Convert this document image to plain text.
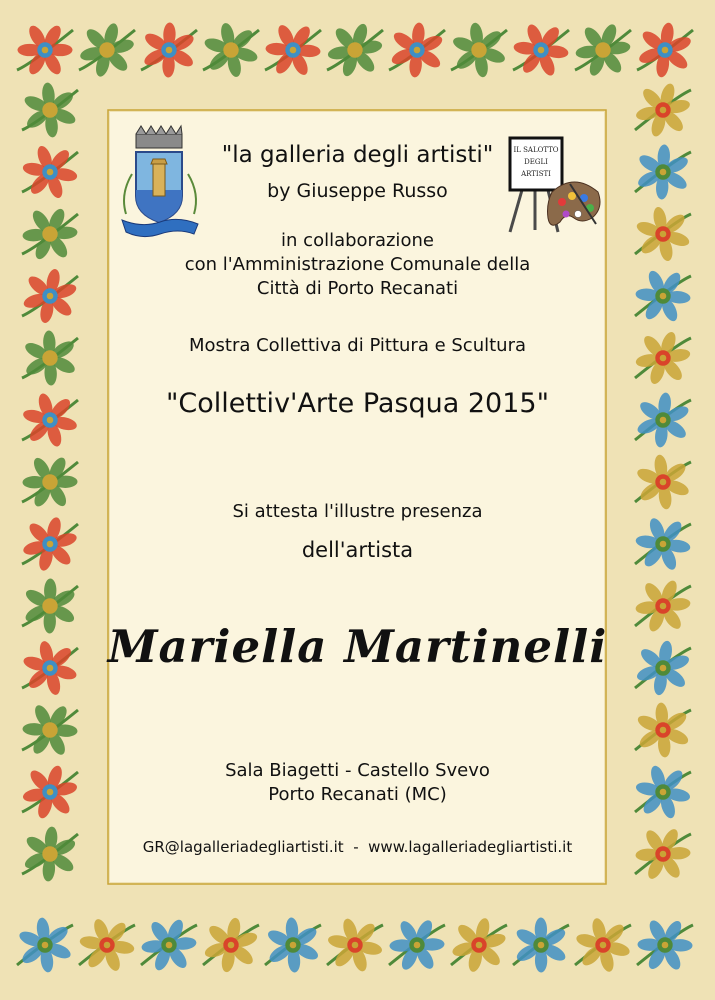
IL SALOTTO
DEGLI
ARTISTI
"la galleria degli artisti"
by Giuseppe Russo
in collaborazione
con l'Amministrazione Comunale della
Città di Porto Recanati
Mostra Collettiva di Pittura e Scultura
"Collettiv'Arte Pasqua 2015"
Si attesta l'illustre presenza
dell'artista
Mariella Martinelli
Sala Biagetti - Castello Svevo
Porto Recanati (MC)
GR@lagalleriadegliartisti.it  -  www.lagalleriadegliartisti.it
